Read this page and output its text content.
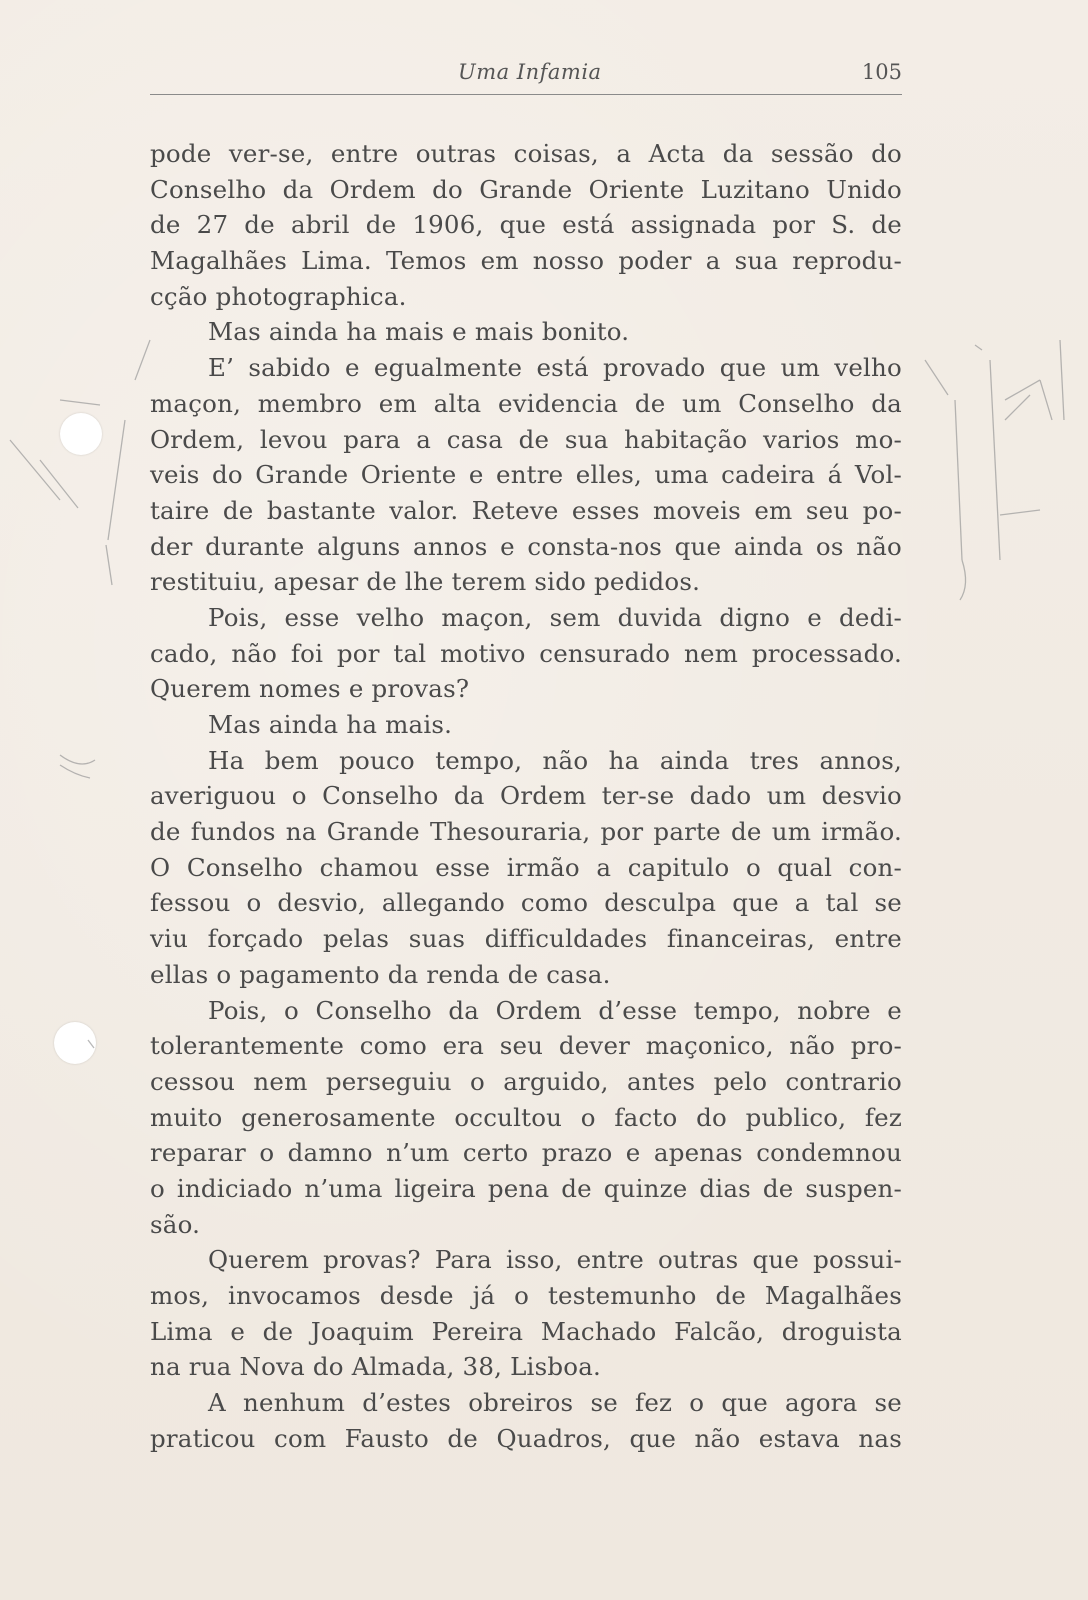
Uma Infamia	105
pode ver-se, entre outras coisas, a Acta da sessão do
Conselho da Ordem do Grande Oriente Luzitano Unido
de 27 de abril de 1906, que está assignada por S. de
Magalhães Lima. Temos em nosso poder a sua reprodu-
cção photographica.
Mas ainda ha mais e mais bonito.
E’ sabido e egualmente está provado que um velho
maçon, membro em alta evidencia de um Conselho da
Ordem, levou para a casa de sua habitação varios mo-
veis do Grande Oriente e entre elles, uma cadeira á Vol-
taire de bastante valor. Reteve esses moveis em seu po-
der durante alguns annos e consta-nos que ainda os não
restituiu, apesar de lhe terem sido pedidos.
Pois, esse velho maçon, sem duvida digno e dedi-
cado, não foi por tal motivo censurado nem processado.
Querem nomes e provas?
Mas ainda ha mais.
Ha bem pouco tempo, não ha ainda tres annos,
averiguou o Conselho da Ordem ter-se dado um desvio
de fundos na Grande Thesouraria, por parte de um irmão.
O Conselho chamou esse irmão a capitulo o qual con-
fessou o desvio, allegando como desculpa que a tal se
viu forçado pelas suas difficuldades financeiras, entre
ellas o pagamento da renda de casa.
Pois, o Conselho da Ordem d’esse tempo, nobre e
tolerantemente como era seu dever maçonico, não pro-
cessou nem perseguiu o arguido, antes pelo contrario
muito generosamente occultou o facto do publico, fez
reparar o damno n’um certo prazo e apenas condemnou
o indiciado n’uma ligeira pena de quinze dias de suspen-
são.
Querem provas? Para isso, entre outras que possui-
mos, invocamos desde já o testemunho de Magalhães
Lima e de Joaquim Pereira Machado Falcão, droguista
na rua Nova do Almada, 38, Lisboa.
A nenhum d’estes obreiros se fez o que agora se
praticou com Fausto de Quadros, que não estava nas
